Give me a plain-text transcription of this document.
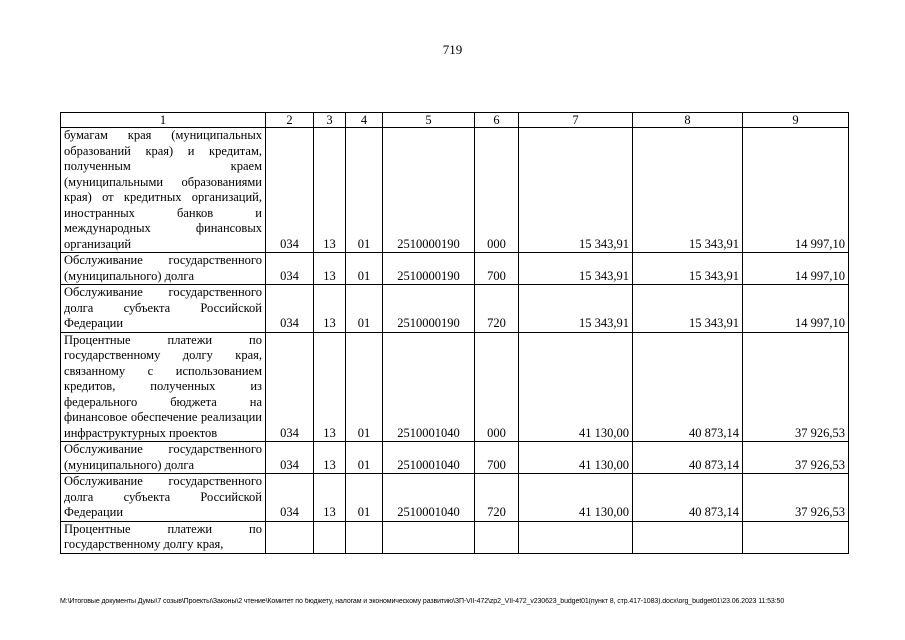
719
1	2	3	4	5	6	7	8	9
бумагам края (муниципальных образований края) и кредитам, полученным краем (муниципальными образованиями края) от кредитных организаций, иностранных банков и международных финансовых организаций	034	13	01	2510000190	000	15 343,91	15 343,91	14 997,10
Обслуживание государственного (муниципального) долга	034	13	01	2510000190	700	15 343,91	15 343,91	14 997,10
Обслуживание государственного долга субъекта Российской Федерации	034	13	01	2510000190	720	15 343,91	15 343,91	14 997,10
Процентные платежи по государственному долгу края, связанному с использованием кредитов, полученных из федерального бюджета на финансовое обеспечение реализации инфраструктурных проектов	034	13	01	2510001040	000	41 130,00	40 873,14	37 926,53
Обслуживание государственного (муниципального) долга	034	13	01	2510001040	700	41 130,00	40 873,14	37 926,53
Обслуживание государственного долга субъекта Российской Федерации	034	13	01	2510001040	720	41 130,00	40 873,14	37 926,53
Процентные платежи по государственному долгу края,								
M:\Итоговые документы Думы\7 созыв\Проекты\Законы\2 чтение\Комитет по бюджету, налогам и экономическому развитию\ЗП-VII-472\zp2_VII-472_v230623_budget01(пункт 8, стр.417-1083).docx\org_budget01\23.06.2023 11:53:50
